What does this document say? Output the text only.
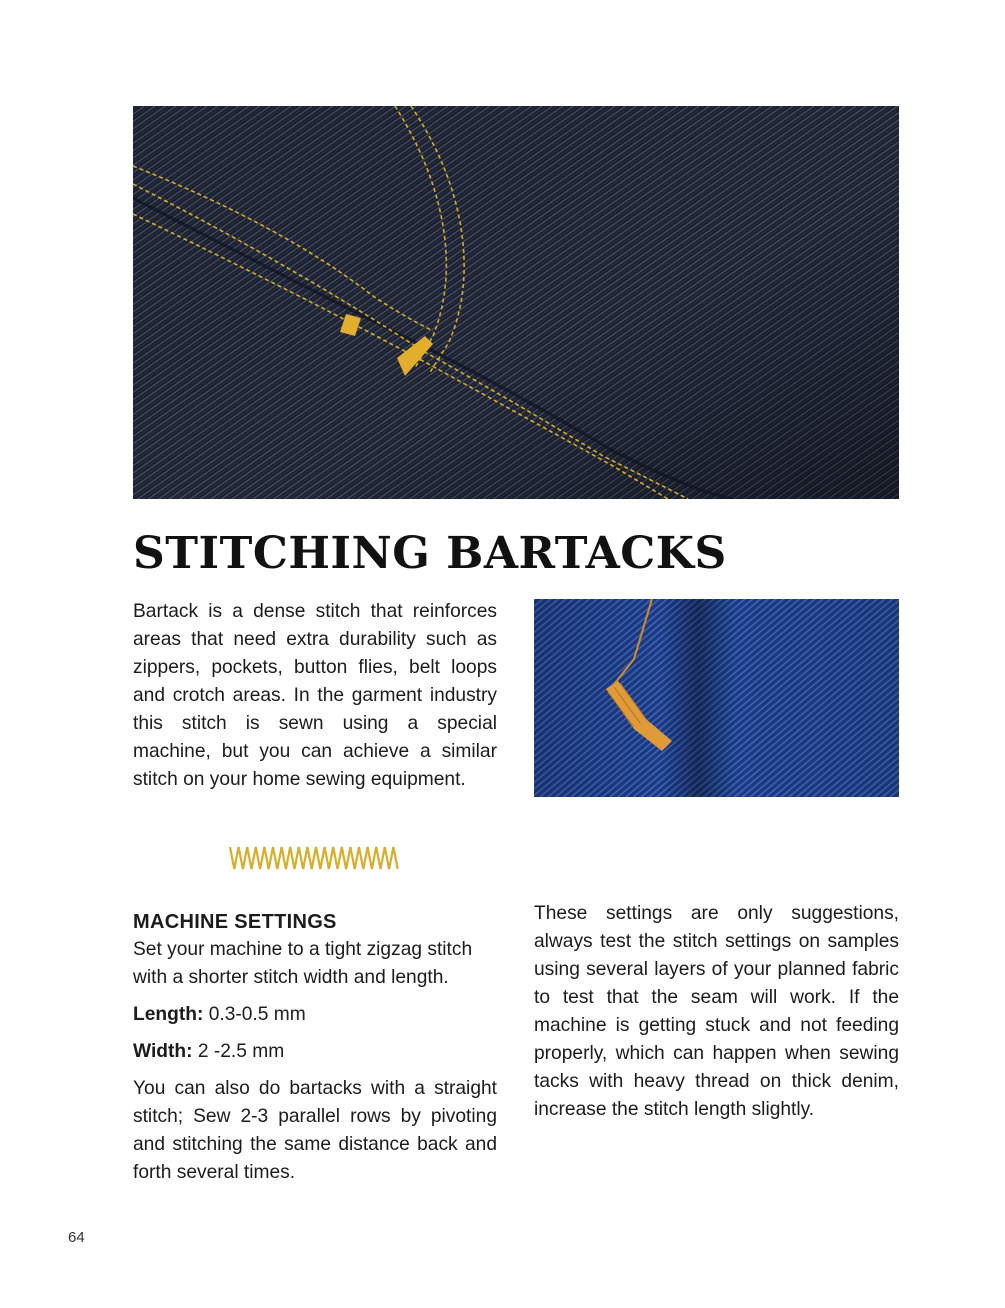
STITCHING BARTACKS

Bartack is a dense stitch that reinforces areas that need extra durability such as zippers, pockets, button flies, belt loops and crotch areas. In the garment industry this stitch is sewn using a special machine, but you can achieve a similar stitch on your home sewing equipment.

MACHINE SETTINGS

Set your machine to a tight zigzag stitch with a shorter stitch width and length.

Length: 0.3-0.5 mm

Width: 2 -2.5 mm

You can also do bartacks with a straight stitch; Sew 2-3 parallel rows by pivoting and stitching the same distance back and forth several times.

These settings are only suggestions, always test the stitch settings on samples using several layers of your planned fabric to test that the seam will work. If the machine is getting stuck and not feeding properly, which can happen when sewing tacks with heavy thread on thick denim, increase the stitch length slightly.

64
